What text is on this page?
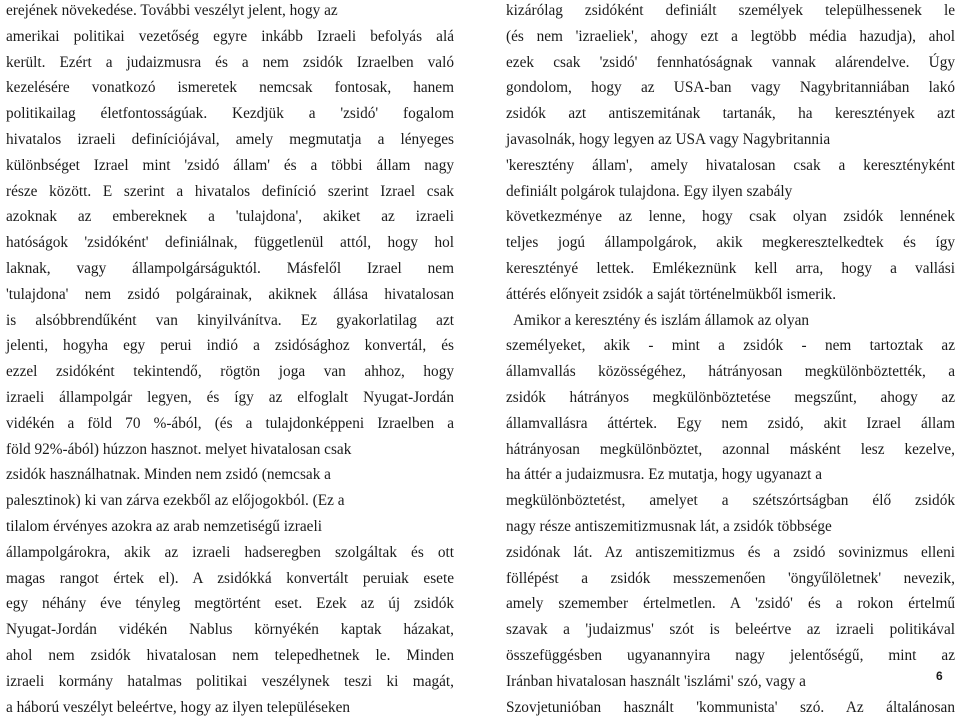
erejének növekedése. További veszélyt jelent, hogy az
amerikai politikai vezetőség egyre inkább Izraeli befolyás alá
került. Ezért a judaizmusra és a nem zsidók Izraelben való
kezelésére vonatkozó ismeretek nemcsak fontosak, hanem
politikailag életfontosságúak. Kezdjük a 'zsidó' fogalom
hivatalos izraeli definíciójával, amely megmutatja a lényeges
különbséget Izrael mint 'zsidó állam' és a többi állam nagy
része között. E szerint a hivatalos definíció szerint Izrael csak
azoknak az embereknek a 'tulajdona', akiket az izraeli
hatóságok 'zsidóként' definiálnak, függetlenül attól, hogy hol
laknak, vagy állampolgárságuktól. Másfelől Izrael nem
'tulajdona' nem zsidó polgárainak, akiknek állása hivatalosan
is alsóbbrendűként van kinyilvánítva. Ez gyakorlatilag azt
jelenti, hogyha egy perui indió a zsidósághoz konvertál, és
ezzel zsidóként tekintendő, rögtön joga van ahhoz, hogy
izraeli állampolgár legyen, és így az elfoglalt Nyugat-Jordán
vidékén a föld 70 %-ából, (és a tulajdonképpeni Izraelben a
föld 92%-ából) húzzon hasznot. melyet hivatalosan csak
zsidók használhatnak. Minden nem zsidó (nemcsak a
palesztinok) ki van zárva ezekből az előjogokból. (Ez a
tilalom érvényes azokra az arab nemzetiségű izraeli
állampolgárokra, akik az izraeli hadseregben szolgáltak és ott
magas rangot értek el). A zsidókká konvertált peruiak esete
egy néhány éve tényleg megtörtént eset. Ezek az új zsidók
Nyugat-Jordán vidékén Nablus környékén kaptak házakat,
ahol nem zsidók hivatalosan nem telepedhetnek le. Minden
izraeli kormány hatalmas politikai veszélynek teszi ki magát,
a háború veszélyt beleértve, hogy az ilyen településeken
kizárólag zsidóként definiált személyek települhessenek le
(és nem 'izraeliek', ahogy ezt a legtöbb média hazudja), ahol
ezek csak 'zsidó' fennhatóságnak vannak alárendelve. Úgy
gondolom, hogy az USA-ban vagy Nagybritanniában lakó
zsidók azt antiszemitának tartanák, ha keresztények azt
javasolnák, hogy legyen az USA vagy Nagybritannia
'keresztény állam', amely hivatalosan csak a keresztényként
definiált polgárok tulajdona. Egy ilyen szabály
következménye az lenne, hogy csak olyan zsidók lennének
teljes jogú állampolgárok, akik megkeresztelkedtek és így
keresztényé lettek. Emlékeznünk kell arra, hogy a vallási
áttérés előnyeit zsidók a saját történelmükből ismerik.
Amikor a keresztény és iszlám államok az olyan
személyeket, akik - mint a zsidók - nem tartoztak az
államvallás közösségéhez, hátrányosan megkülönböztették, a
zsidók hátrányos megkülönböztetése megszűnt, ahogy az
államvallásra áttértek. Egy nem zsidó, akit Izrael állam
hátrányosan megkülönböztet, azonnal másként lesz kezelve,
ha áttér a judaizmusra. Ez mutatja, hogy ugyanazt a
megkülönböztetést, amelyet a szétszórtságban élő zsidók
nagy része antiszemitizmusnak lát, a zsidók többsége
zsidónak lát. Az antiszemitizmus és a zsidó sovinizmus elleni
föllépést a zsidók messzemenően 'öngyűlöletnek' nevezik,
amely szemember értelmetlen. A 'zsidó' és a rokon értelmű
szavak a 'judaizmus' szót is beleértve az izraeli politikával
összefüggésben ugyanannyira nagy jelentőségű, mint az
Iránban hivatalosan használt 'iszlámi' szó, vagy a
Szovjetunióban használt 'kommunista' szó. Az általánosan
6
